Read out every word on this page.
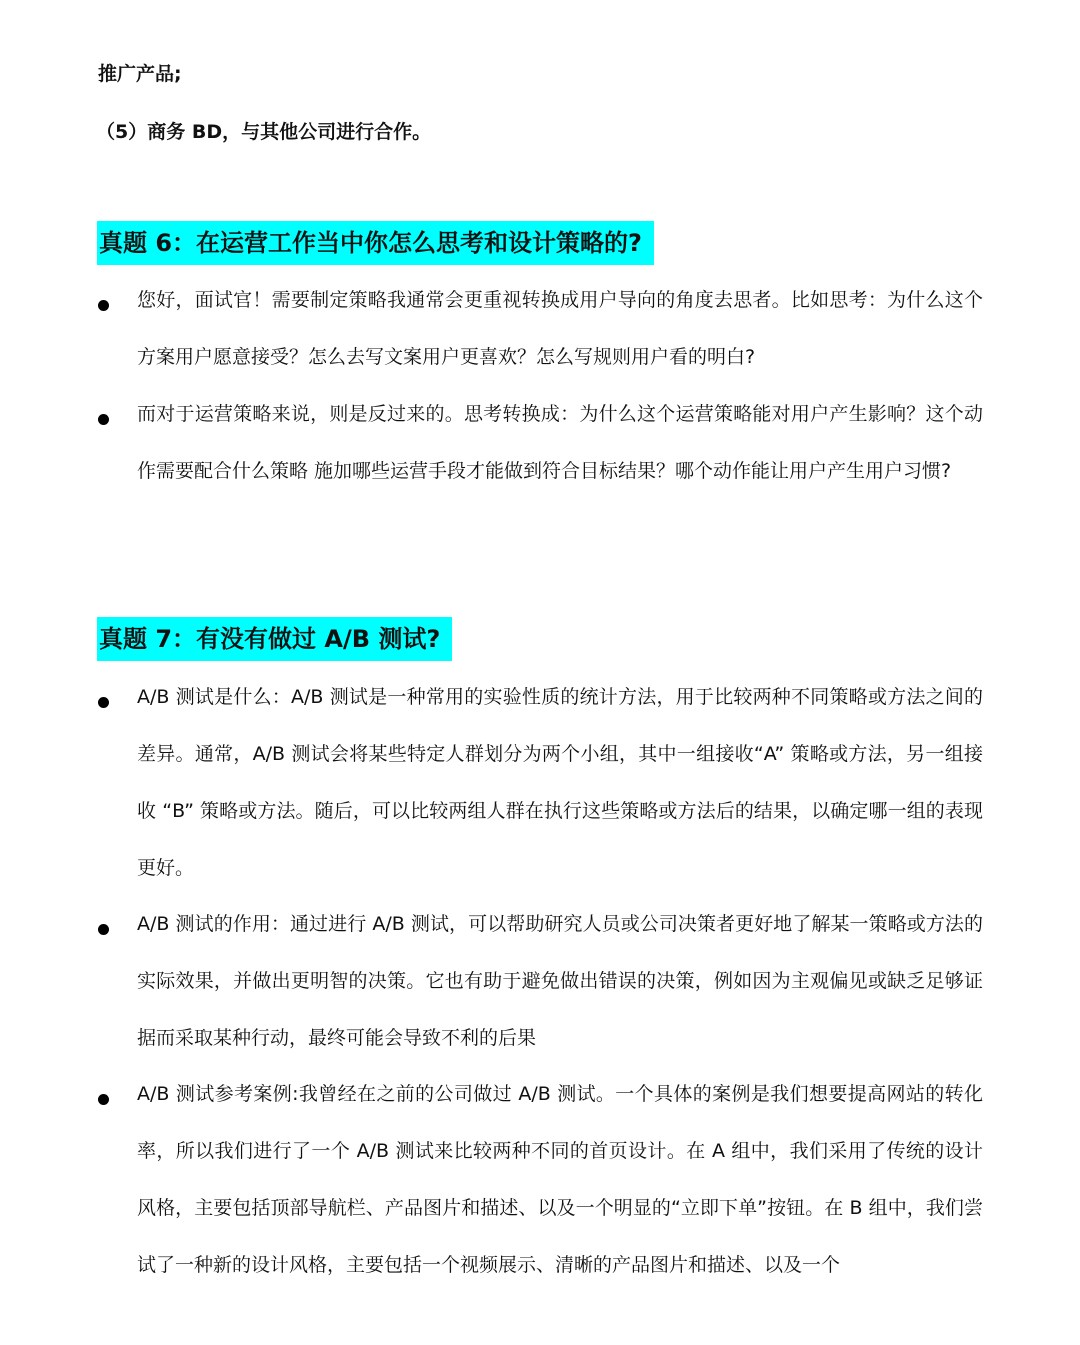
推广产品;
（5）商务 BD，与其他公司进行合作。
真题 6：在运营工作当中你怎么思考和设计策略的?

您好，面试官！需要制定策略我通常会更重视转换成用户导向的角度去思者。比如思考：为什么这个方案用户愿意接受？怎么去写文案用户更喜欢？怎么写规则用户看的明白?

而对于运营策略来说，则是反过来的。思考转换成：为什么这个运营策略能对用户产生影响？这个动作需要配合什么策略 施加哪些运营手段才能做到符合目标结果？哪个动作能让用户产生用户习惯?

真题 7：有没有做过 A/B 测试?

A/B 测试是什么：A/B 测试是一种常用的实验性质的统计方法，用于比较两种不同策略或方法之间的差异。通常，A/B 测试会将某些特定人群划分为两个小组，其中一组接收“A” 策略或方法，另一组接收 “B” 策略或方法。随后，可以比较两组人群在执行这些策略或方法后的结果，以确定哪一组的表现更好。

A/B 测试的作用：通过进行 A/B 测试，可以帮助研究人员或公司决策者更好地了解某一策略或方法的实际效果，并做出更明智的决策。它也有助于避免做出错误的决策，例如因为主观偏见或缺乏足够证据而采取某种行动，最终可能会导致不利的后果

A/B 测试参考案例:我曾经在之前的公司做过 A/B 测试。一个具体的案例是我们想要提高网站的转化率，所以我们进行了一个 A/B 测试来比较两种不同的首页设计。在 A 组中，我们采用了传统的设计风格，主要包括顶部导航栏、产品图片和描述、以及一个明显的“立即下单”按钮。在 B 组中，我们尝试了一种新的设计风格，主要包括一个视频展示、清晰的产品图片和描述、以及一个
